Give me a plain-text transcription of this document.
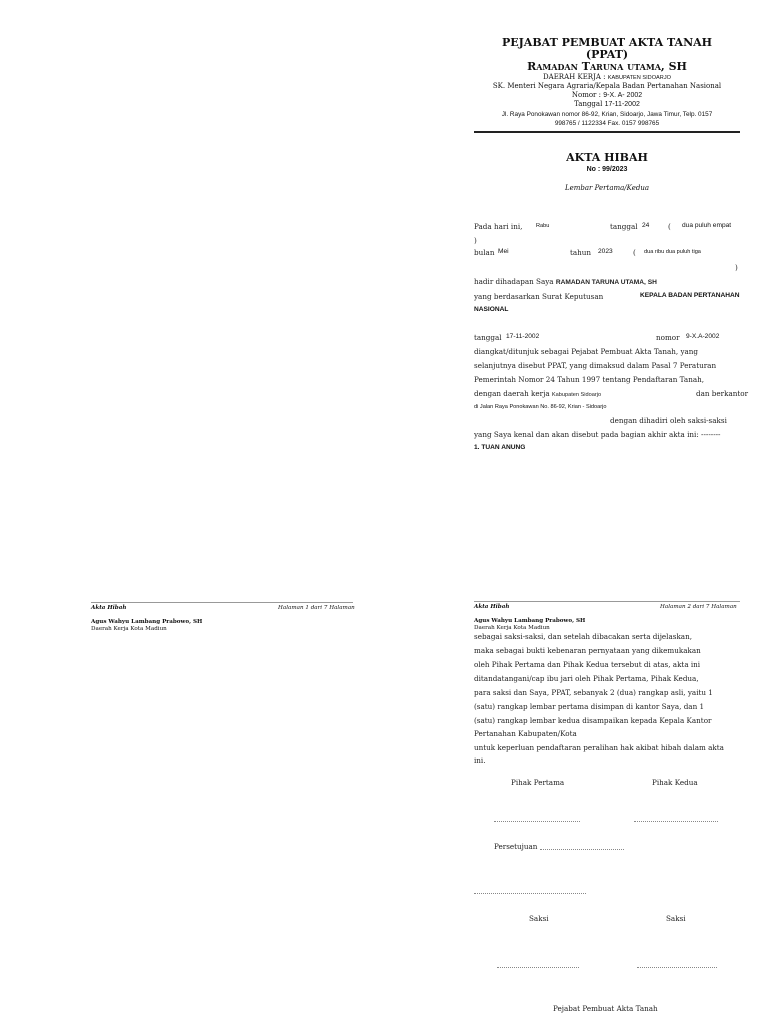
PEJABAT PEMBUAT AKTA TANAH
(PPAT)
Ramadan Taruna utama, SH
DAERAH KERJA : KABUPATEN SIDOARJO
SK. Menteri Negara Agraria/Kepala Badan Pertanahan Nasional
Nomor : 9-X. A- 2002
Tanggal 17-11-2002
Jl. Raya Ponokawan nomor 86-92, Krian, Sidoarjo, Jawa Timur, Telp. 0157
998765 / 1122334 Fax. 0157 998765
AKTA HIBAH
No : 99/2023
Lembar Pertama/Kedua
Pada hari ini, Rabu	tanggal 24	( dua puluh empat
)
bulan Mei	tahun 2023	( dua ribu dua puluh tiga
)
hadir dihadapan Saya RAMADAN TARUNA UTAMA, SH
yang berdasarkan Surat Keputusan	KEPALA BADAN PERTANAHAN
NASIONAL
tanggal 17-11-2002	nomor 9-X.A-2002
diangkat/ditunjuk sebagai Pejabat Pembuat Akta Tanah, yang
selanjutnya disebut PPAT, yang dimaksud dalam Pasal 7 Peraturan
Pemerintah Nomor 24 Tahun 1997 tentang Pendaftaran Tanah,
dengan daerah kerja Kabupaten Sidoarjo	dan berkantor
di Jalan Raya Ponokawan No. 86-92, Krian - Sidoarjo
dengan dihadiri oleh saksi-saksi
yang Saya kenal dan akan disebut pada bagian akhir akta ini: --------
1. TUAN ANUNG
Akta Hibah	Halaman 1 dari 7 Halaman
Agus Wahyu Lambang Prabowo, SH
Daerah Kerja Kota Madiun
Akta Hibah	Halaman 2 dari 7 Halaman
Agus Wahyu Lambang Prabowo, SH
Daerah Kerja Kota Madiun
sebagai saksi-saksi, dan setelah dibacakan serta dijelaskan,
maka sebagai bukti kebenaran pernyataan yang dikemukakan
oleh Pihak Pertama dan Pihak Kedua tersebut di atas, akta ini
ditandatangani/cap ibu jari oleh Pihak Pertama, Pihak Kedua,
para saksi dan Saya, PPAT, sebanyak 2 (dua) rangkap asli, yaitu 1
(satu) rangkap lembar pertama disimpan di kantor Saya, dan 1
(satu) rangkap lembar kedua disampaikan kepada Kepala Kantor
Pertanahan Kabupaten/Kota
untuk keperluan pendaftaran peralihan hak akibat hibah dalam akta
ini.
Pihak Pertama	Pihak Kedua
Persetujuan
Saksi	Saksi
Pejabat Pembuat Akta Tanah
